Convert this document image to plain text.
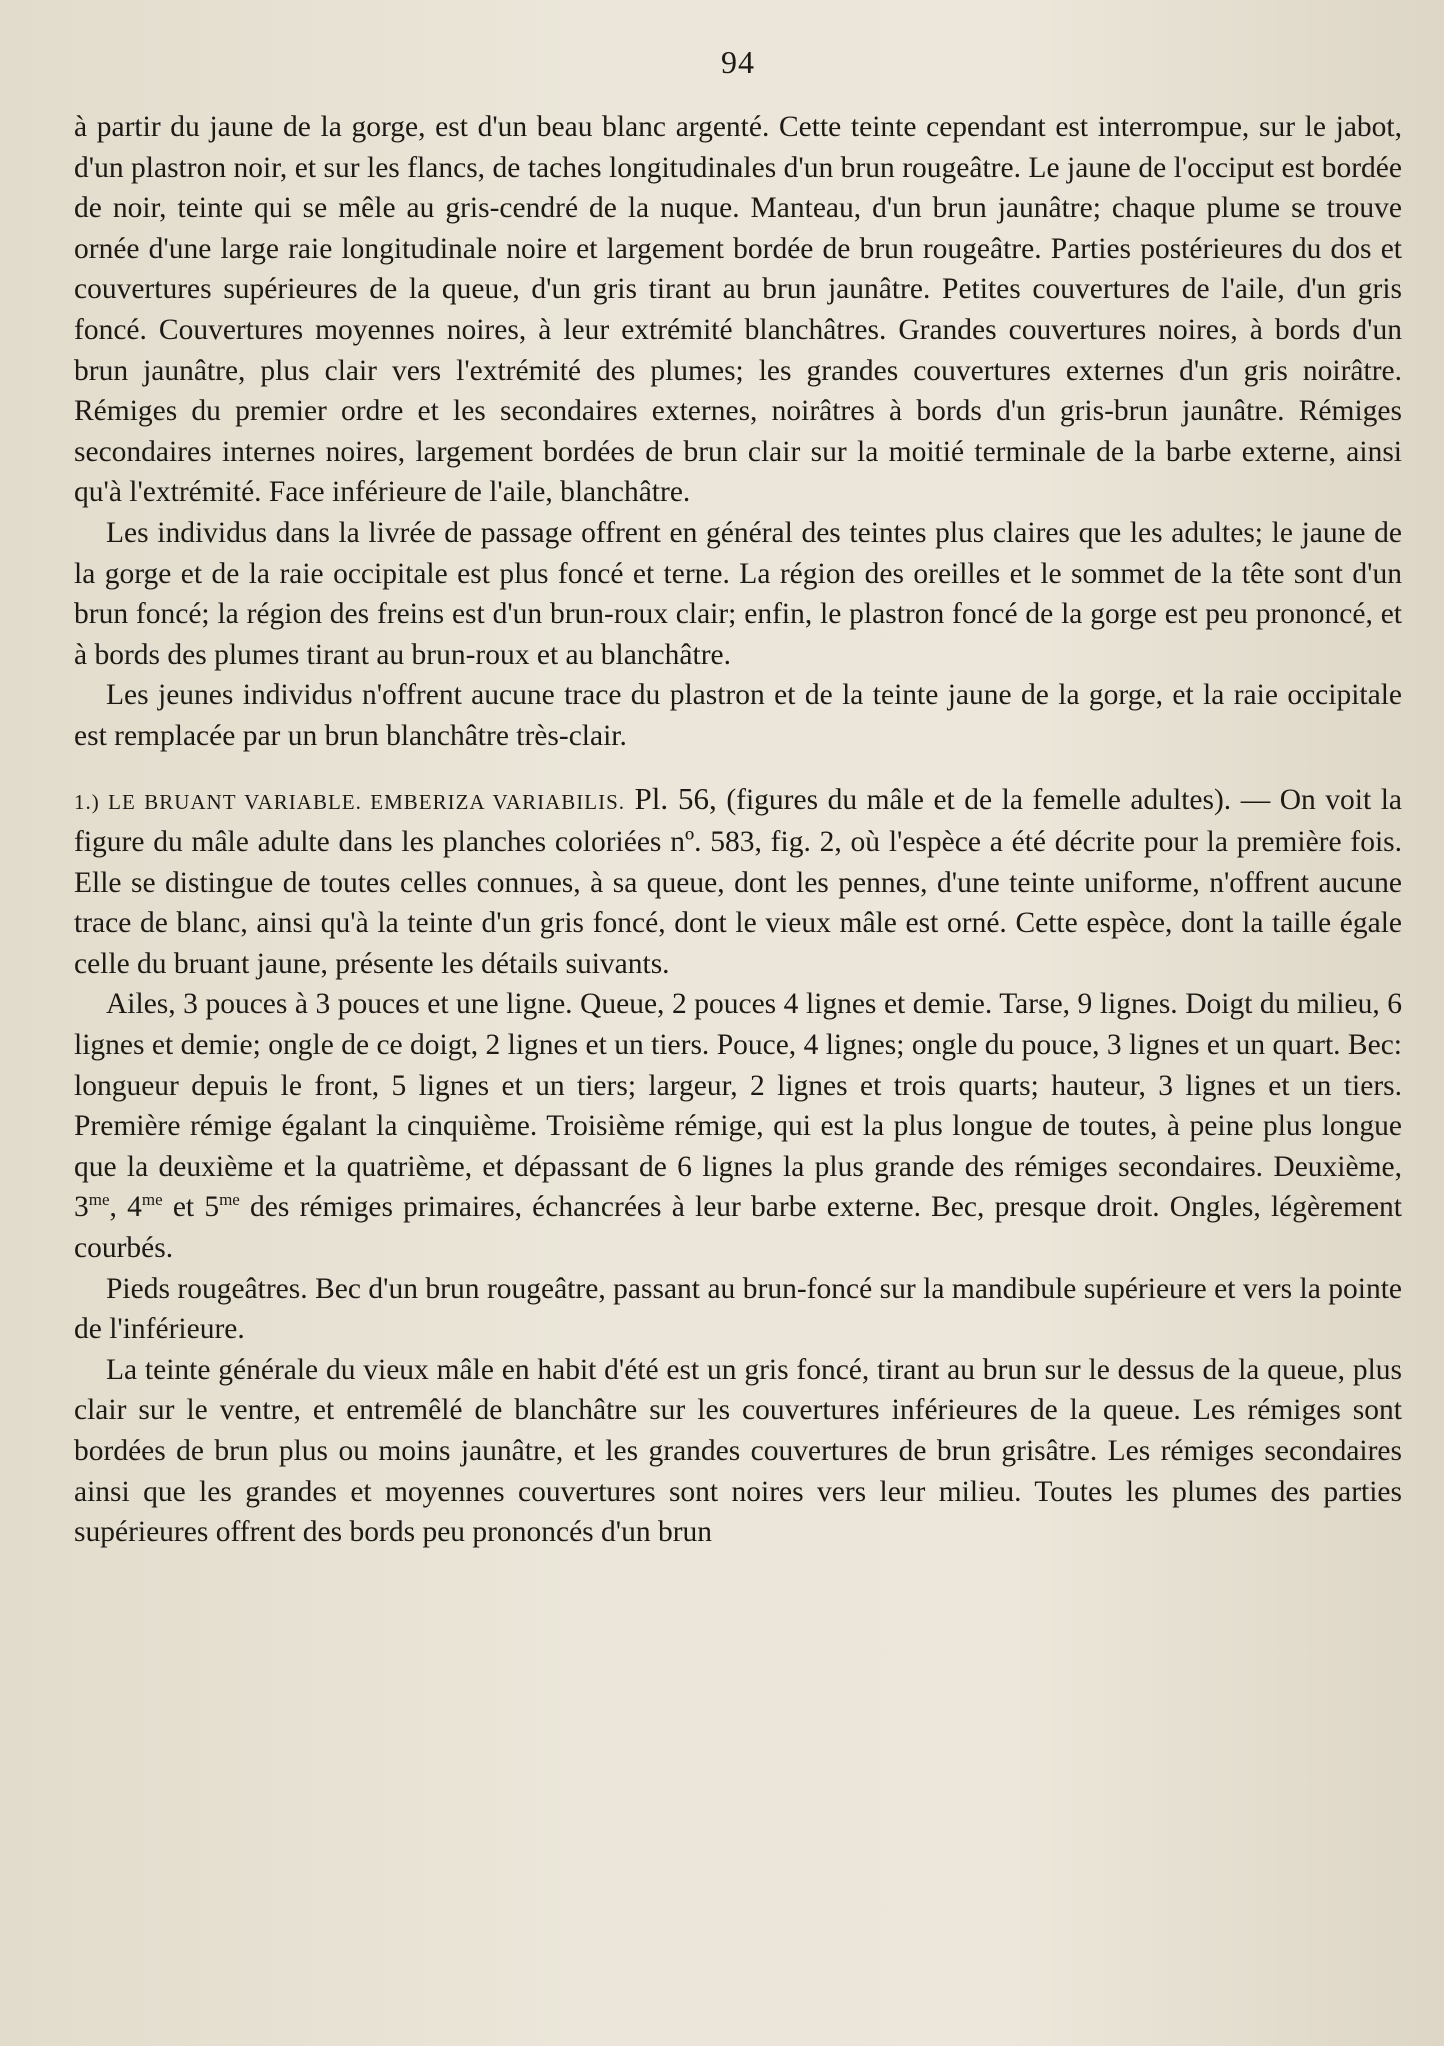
94

à partir du jaune de la gorge, est d'un beau blanc argenté. Cette teinte cependant est interrompue, sur le jabot, d'un plastron noir, et sur les flancs, de taches longitudinales d'un brun rougeâtre. Le jaune de l'occiput est bordée de noir, teinte qui se mêle au gris-cendré de la nuque. Manteau, d'un brun jaunâtre; chaque plume se trouve ornée d'une large raie longitudinale noire et largement bordée de brun rougeâtre. Parties postérieures du dos et couvertures supérieures de la queue, d'un gris tirant au brun jaunâtre. Petites couvertures de l'aile, d'un gris foncé. Couvertures moyennes noires, à leur extrémité blanchâtres. Grandes couvertures noires, à bords d'un brun jaunâtre, plus clair vers l'extrémité des plumes; les grandes couvertures externes d'un gris noirâtre. Rémiges du premier ordre et les secondaires externes, noirâtres à bords d'un gris-brun jaunâtre. Rémiges secondaires internes noires, largement bordées de brun clair sur la moitié terminale de la barbe externe, ainsi qu'à l'extrémité. Face inférieure de l'aile, blanchâtre.

Les individus dans la livrée de passage offrent en général des teintes plus claires que les adultes; le jaune de la gorge et de la raie occipitale est plus foncé et terne. La région des oreilles et le sommet de la tête sont d'un brun foncé; la région des freins est d'un brun-roux clair; enfin, le plastron foncé de la gorge est peu prononcé, et à bords des plumes tirant au brun-roux et au blanchâtre.

Les jeunes individus n'offrent aucune trace du plastron et de la teinte jaune de la gorge, et la raie occipitale est remplacée par un brun blanchâtre très-clair.

1.) LE BRUANT VARIABLE. EMBERIZA VARIABILIS. Pl. 56, (figures du mâle et de la femelle adultes). — On voit la figure du mâle adulte dans les planches coloriées nº. 583, fig. 2, où l'espèce a été décrite pour la première fois. Elle se distingue de toutes celles connues, à sa queue, dont les pennes, d'une teinte uniforme, n'offrent aucune trace de blanc, ainsi qu'à la teinte d'un gris foncé, dont le vieux mâle est orné. Cette espèce, dont la taille égale celle du bruant jaune, présente les détails suivants.

Ailes, 3 pouces à 3 pouces et une ligne. Queue, 2 pouces 4 lignes et demie. Tarse, 9 lignes. Doigt du milieu, 6 lignes et demie; ongle de ce doigt, 2 lignes et un tiers. Pouce, 4 lignes; ongle du pouce, 3 lignes et un quart. Bec: longueur depuis le front, 5 lignes et un tiers; largeur, 2 lignes et trois quarts; hauteur, 3 lignes et un tiers. Première rémige égalant la cinquième. Troisième rémige, qui est la plus longue de toutes, à peine plus longue que la deuxième et la quatrième, et dépassant de 6 lignes la plus grande des rémiges secondaires. Deuxième, $3^{me}$, $4^{me}$ et $5^{me}$ des rémiges primaires, échancrées à leur barbe externe. Bec, presque droit. Ongles, légèrement courbés.

Pieds rougeâtres. Bec d'un brun rougeâtre, passant au brun-foncé sur la mandibule supérieure et vers la pointe de l'inférieure.

La teinte générale du vieux mâle en habit d'été est un gris foncé, tirant au brun sur le dessus de la queue, plus clair sur le ventre, et entremêlé de blanchâtre sur les couvertures inférieures de la queue. Les rémiges sont bordées de brun plus ou moins jaunâtre, et les grandes couvertures de brun grisâtre. Les rémiges secondaires ainsi que les grandes et moyennes couvertures sont noires vers leur milieu. Toutes les plumes des parties supérieures offrent des bords peu prononcés d'un brun
